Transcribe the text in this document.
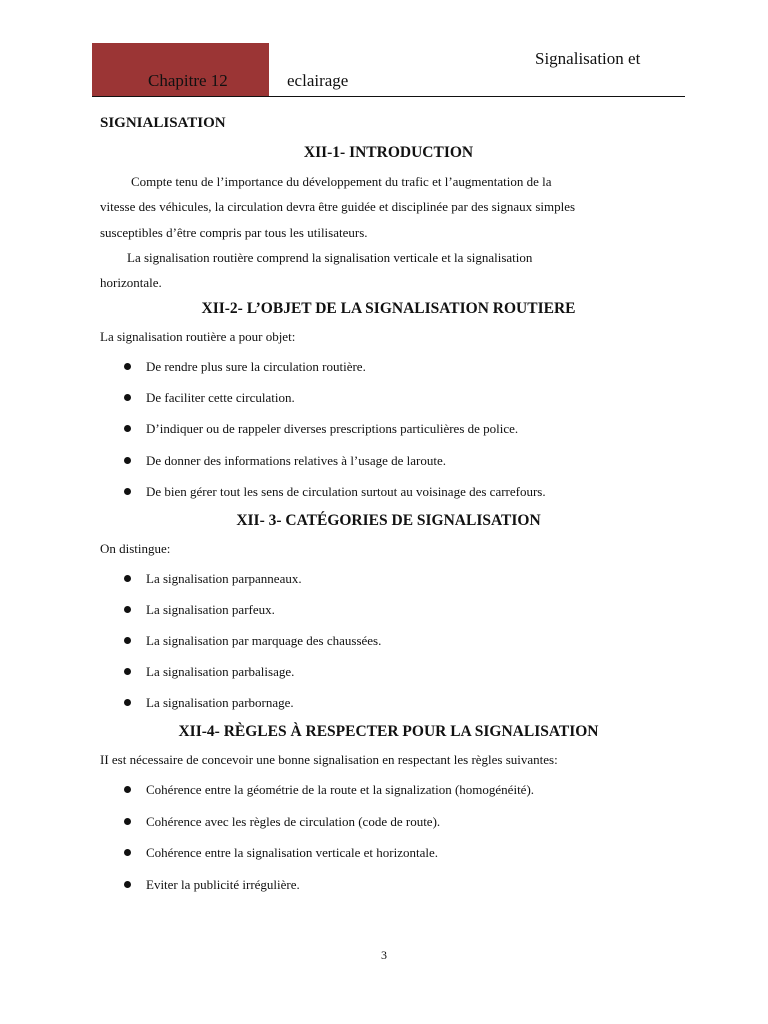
Chapitre 12
Signalisation et
eclairage
SIGNIALISATION
XII-1- INTRODUCTION
Compte tenu de l’importance du développement du trafic et l’augmentation de la
vitesse des véhicules, la circulation devra être guidée et disciplinée par des signaux simples
susceptibles d’être compris par tous les utilisateurs.
La signalisation routière comprend la signalisation verticale et la signalisation
horizontale.
XII-2- L’OBJET DE LA SIGNALISATION ROUTIERE
La signalisation routière a pour objet:
De rendre plus sure la circulation routière.
De faciliter cette circulation.
D’indiquer ou de rappeler diverses prescriptions particulières de police.
De donner des informations relatives à l’usage de laroute.
De bien gérer tout les sens de circulation surtout au voisinage des carrefours.
XII- 3- CATÉGORIES DE SIGNALISATION
On distingue:
La signalisation parpanneaux.
La signalisation parfeux.
La signalisation par marquage des chaussées.
La signalisation parbalisage.
La signalisation parbornage.
XII-4- RÈGLES À RESPECTER POUR LA SIGNALISATION
II est nécessaire de concevoir une bonne signalisation en respectant les règles suivantes:
Cohérence entre la géométrie de la route et la signalization (homogénéité).
Cohérence avec les règles de circulation (code de route).
Cohérence entre la signalisation verticale et horizontale.
Eviter la publicité irrégulière.
3
